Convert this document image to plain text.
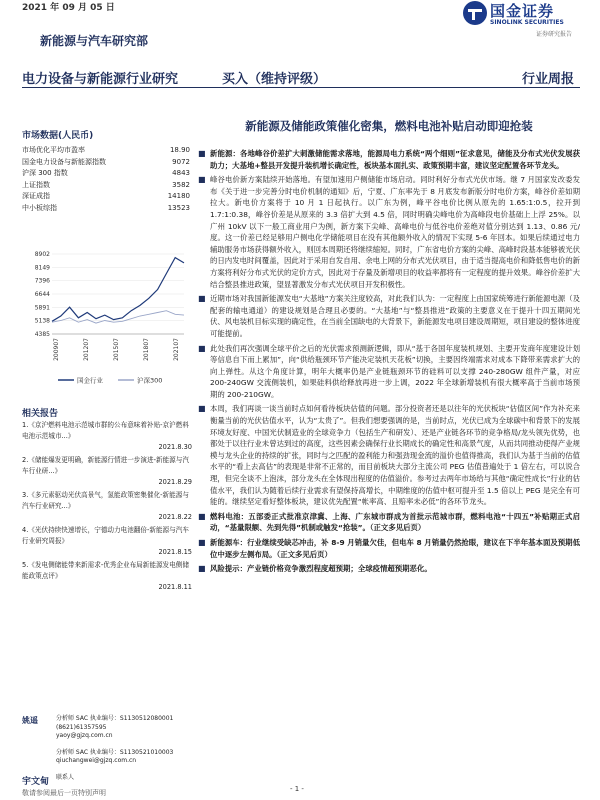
2021 年 09 月 05 日
新能源与汽车研究部
国金证券
SINOLINK SECURITIES
证券研究报告
电力设备与新能源行业研究	买入（维持评级）	行业周报
市场数据(人民币)
市场优化平均市盈率	18.90
国金电力设备与新能源指数	9072
沪深 300 指数	4843
上证指数	3582
深证成指	14180
中小板综指	13523
8902
8149
7396
6644
5891
5138
4385
200907	201207	201507	201807	202107
国金行业	沪深300
相关报告
1.《京沪燃料电池示范城市群的公布意味着补贴-京沪燃料电池示范城市...》
2021.8.30
2.《储能爆发更明确，新能源行情进一步演进-新能源与汽车行业研...》
2021.8.29
3.《多元素驱动光伏高景气，氢能政策密集催化-新能源与汽车行业研究...》
2021.8.22
4.《光伏持续快速增长，宁德动力电池翻倍-新能源与汽车行业研究周报》
2021.8.15
5.《发电侧储能带来新需求-优秀企业布局新能源发电侧储能政策点评》
2021.8.11
姚遥	分析师 SAC 执业编号：S1130512080001
(8621)61357595
yaoy@gjzq.com.cn
分析师 SAC 执业编号：S1130521010003
qiuchangwei@gjzq.com.cn
宇文甸	联系人
新能源及储能政策催化密集，燃料电池补贴启动即迎抢装
■ 新能源：各地峰谷价差扩大刺激储能需求落地，能源局电力系统“两个细则”征求意见，储能及分布式光伏发展获助力；大基地+整县开发提升装机增长确定性，板块基本面扎实、政策预期丰富，建议坚定配置各环节龙头。
■ 峰谷电价新方案陆续开始落地。有望加速用户侧储能市场启动。同时利好分布式光伏市场。继 7 月国家发改委发布《关于进一步完善分时电价机制的通知》后，宁夏、广东率先于 8 月底发布新版分时电价方案，峰谷价差如期拉大。新电价方案将于 10 月 1 日起执行。以广东为例，峰平谷电价比例从原先的 1.65:1:0.5，拉开到 1.7:1:0.38，峰谷价差是从原来的 3.3 倍扩大到 4.5 倍，同时明确尖峰电价为高峰段电价基础上上浮 25%。以广州 10kV 以下一般工商业用户为例，新方案下尖峰、高峰电价与低谷电价差绝对值分别达到 1.13、0.86 元/度。这一价差已经足够用户侧电化学储能项目在没有其他额外收入的情况下实现 5-6 年回本。如果后续通过电力辅助服务市场获得额外收入，则回本周期还将继续缩短。同时，广东省电价方案的尖峰、高峰时段基本能够被光伏的日内发电时间覆盖，因此对于采用自发自用、余电上网的分布式光伏项目，由于适当提高电价和降低售电价的新方案将利好分布式光伏的定价方式，因此对于存量及新增项目的收益率都将有一定程度的提升效果。峰谷价差扩大结合整县推进政策，望显著激发分布式光伏项目开发积极性。
■ 近期市场对我国新能源发电“大基地”方案关注度较高，对此我们认为：一定程度上由国家统筹进行新能源电源（及配套的输电通道）的建设规划是合理且必要的。“大基地”与“整县推进”政策的主要意义在于提升十四五期间光伏、风电装机目标实现的确定性，在当前全国缺电的大背景下，新能源发电项目建设周期短，项目建设的整体进度可能提前。
■ 此处我们再次强调全球平价之后的光伏需求预测新逻辑，即从“基于各国年度装机规划、主要开发商年度建设计划等信息自下而上累加”，向“供给瓶颈环节产能决定装机天花板”切换，主要因终端需求对成本下降带来需求扩大的向上弹性。从这个角度计算，明年大概率仍是产业链瓶颈环节的硅料可以支撑 240-280GW 组件产量，对应 200-240GW 交流侧装机，如果硅料供给释放再进一步上调，2022 年全球新增装机有很大概率高于当前市场预期的 200-210GW。
■ 本周，我们再谈一谈当前时点如何看待板块估值的问题。部分投资者还是以往年的光伏板块“估值区间”作为补充来衡量当前的光伏估值水平，认为“太贵了”。但我们想要强调的是，当前时点，光伏已成为全球碳中和背景下的发展环境友好度、中国光伏制造业的全球竞争力（包括生产和研发）、还是产业链各环节的竞争格局/龙头领先优势，也都处于以往行业未曾达到过的高度，这些因素会确保行业长期成长的确定性和高景气度，从而共同推动使得产业规模与龙头企业的持续的扩张，同时与之匹配的盈利能力和强劲现金流的溢价也值得推高，我们认为基于当前的估值水平的“看上去高估”的表现是非常不正常的，而目前板块大部分主流公司 PEG 估值普遍处于 1 倍左右，可以说合理，但完全谈不上泡沫，部分龙头在全体现出程度的估值溢价。参考过去两年市场给与其他“确定性成长”行业的估值水平，我们认为随着后续行业需求有望保持高增长，中期维度的估值中枢可提升至 1.5 倍以上 PEG 是完全有可能的。继续坚定看好整体板块，建议优先配置“帐率高、且赔率未必低”的各环节龙头。
■ 燃料电池：五部委正式批准京津冀、上海、广东城市群成为首批示范城市群，燃料电池“十四五”补贴期正式启动，“基量限额、先到先得”机制或触发“抢装”。（正文多见后页）
■ 新能源车：行业继续受缺芯冲击，补 8-9 月销量欠佳，但电车 8 月销量仍然抢眼，建议在下半年基本面及预期低位中逐步左侧布局。（正文多见后页）
■ 风险提示：产业链价格竞争激烈程度超预期；全球疫情超预期恶化。
敬请参阅最后一页特别声明	- 1 -
